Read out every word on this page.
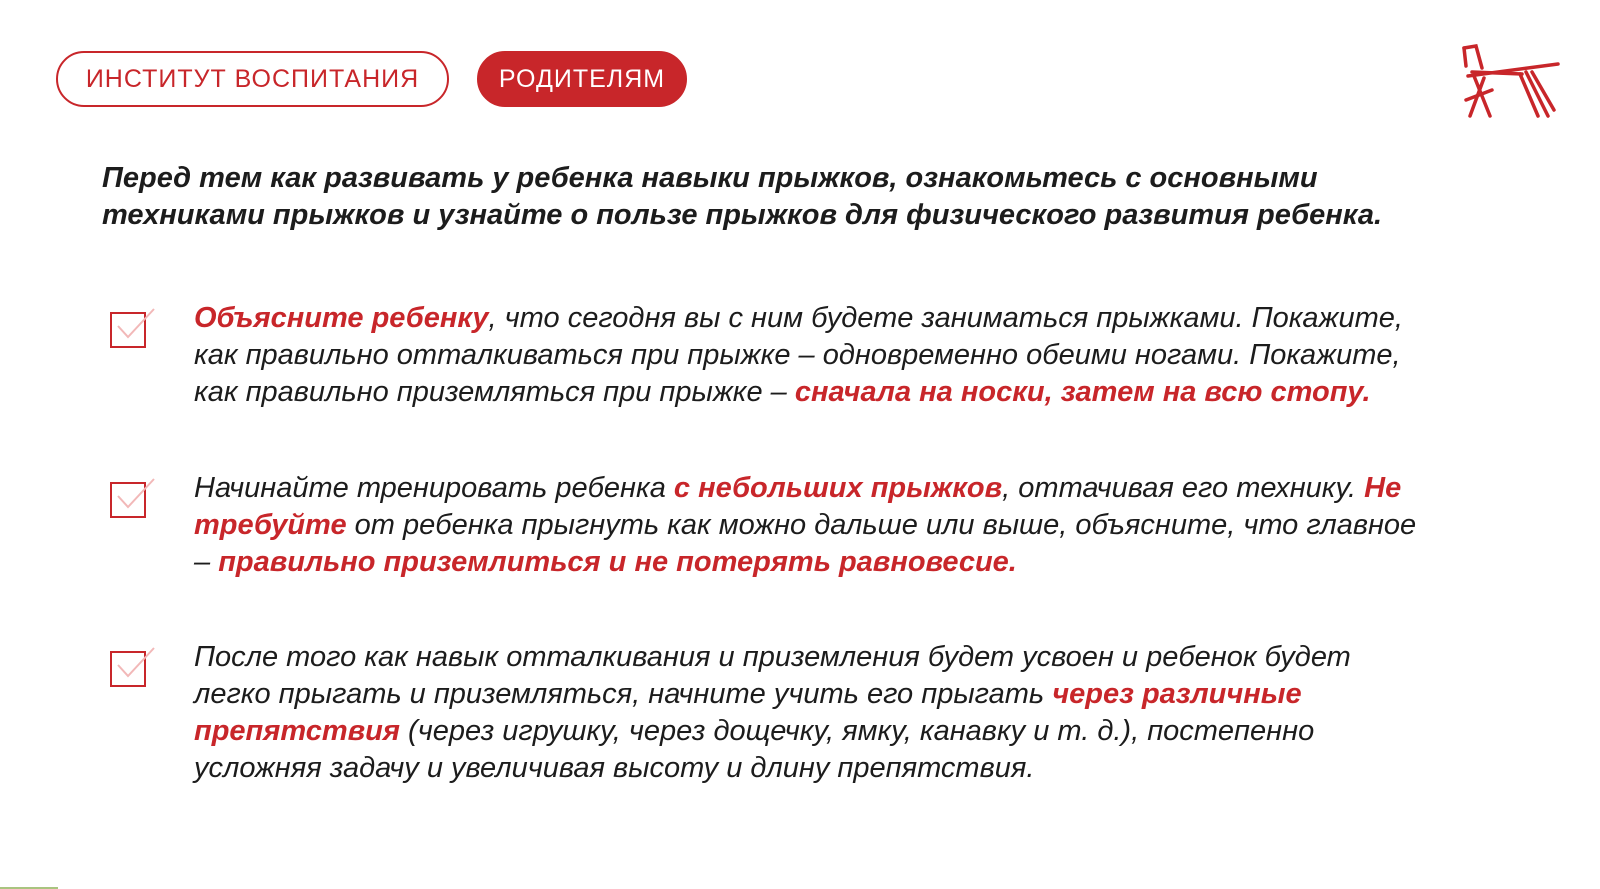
ИНСТИТУТ ВОСПИТАНИЯ	РОДИТЕЛЯМ

Перед тем как развивать у ребенка навыки прыжков, ознакомьтесь с основными техниками прыжков и узнайте о пользе прыжков для физического развития ребенка.

Объясните ребенку, что сегодня вы с ним будете заниматься прыжками. Покажите, как правильно отталкиваться при прыжке – одновременно обеими ногами. Покажите, как правильно приземляться при прыжке – сначала на носки, затем на всю стопу.

Начинайте тренировать ребенка с небольших прыжков, оттачивая его технику. Не требуйте от ребенка прыгнуть как можно дальше или выше, объясните, что главное – правильно приземлиться и не потерять равновесие.

После того как навык отталкивания и приземления будет усвоен и ребенок будет легко прыгать и приземляться, начните учить его прыгать через различные препятствия (через игрушку, через дощечку, ямку, канавку и т. д.), постепенно усложняя задачу и увеличивая высоту и длину препятствия.
